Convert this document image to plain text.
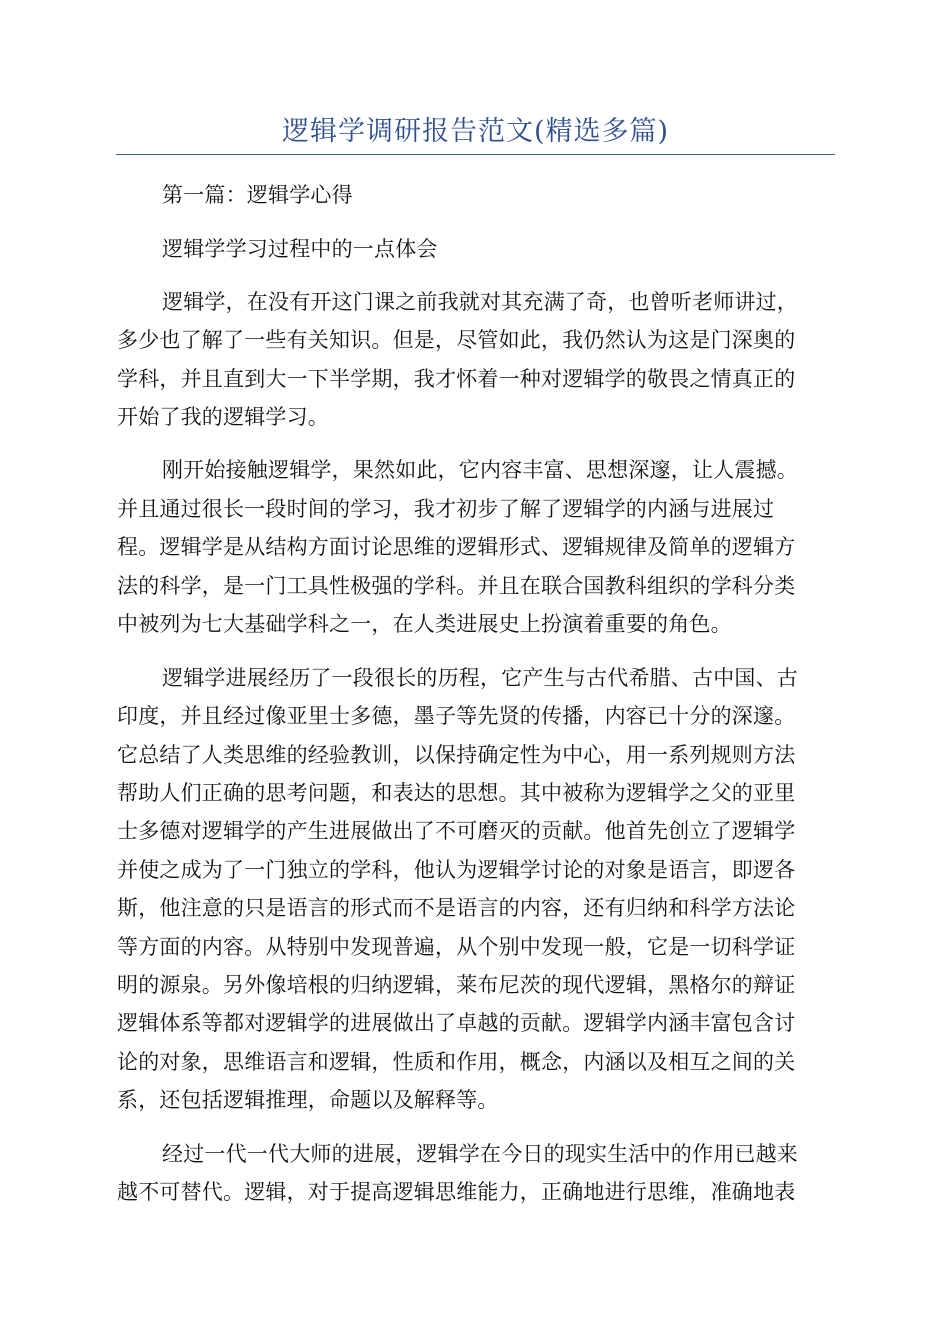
逻辑学调研报告范文(精选多篇)
第一篇：逻辑学心得
逻辑学学习过程中的一点体会
逻辑学，在没有开这门课之前我就对其充满了奇，也曾听老师讲过，
多少也了解了一些有关知识。但是，尽管如此，我仍然认为这是门深奥的
学科，并且直到大一下半学期，我才怀着一种对逻辑学的敬畏之情真正的
开始了我的逻辑学习。
刚开始接触逻辑学，果然如此，它内容丰富、思想深邃，让人震撼。
并且通过很长一段时间的学习，我才初步了解了逻辑学的内涵与进展过
程。逻辑学是从结构方面讨论思维的逻辑形式、逻辑规律及简单的逻辑方
法的科学，是一门工具性极强的学科。并且在联合国教科组织的学科分类
中被列为七大基础学科之一，在人类进展史上扮演着重要的角色。
逻辑学进展经历了一段很长的历程，它产生与古代希腊、古中国、古
印度，并且经过像亚里士多德，墨子等先贤的传播，内容已十分的深邃。
它总结了人类思维的经验教训，以保持确定性为中心，用一系列规则方法
帮助人们正确的思考问题，和表达的思想。其中被称为逻辑学之父的亚里
士多德对逻辑学的产生进展做出了不可磨灭的贡献。他首先创立了逻辑学
并使之成为了一门独立的学科，他认为逻辑学讨论的对象是语言，即逻各
斯，他注意的只是语言的形式而不是语言的内容，还有归纳和科学方法论
等方面的内容。从特别中发现普遍，从个别中发现一般，它是一切科学证
明的源泉。另外像培根的归纳逻辑，莱布尼茨的现代逻辑，黑格尔的辩证
逻辑体系等都对逻辑学的进展做出了卓越的贡献。逻辑学内涵丰富包含讨
论的对象，思维语言和逻辑，性质和作用，概念，内涵以及相互之间的关
系，还包括逻辑推理，命题以及解释等。
经过一代一代大师的进展，逻辑学在今日的现实生活中的作用已越来
越不可替代。逻辑，对于提高逻辑思维能力，正确地进行思维，准确地表
